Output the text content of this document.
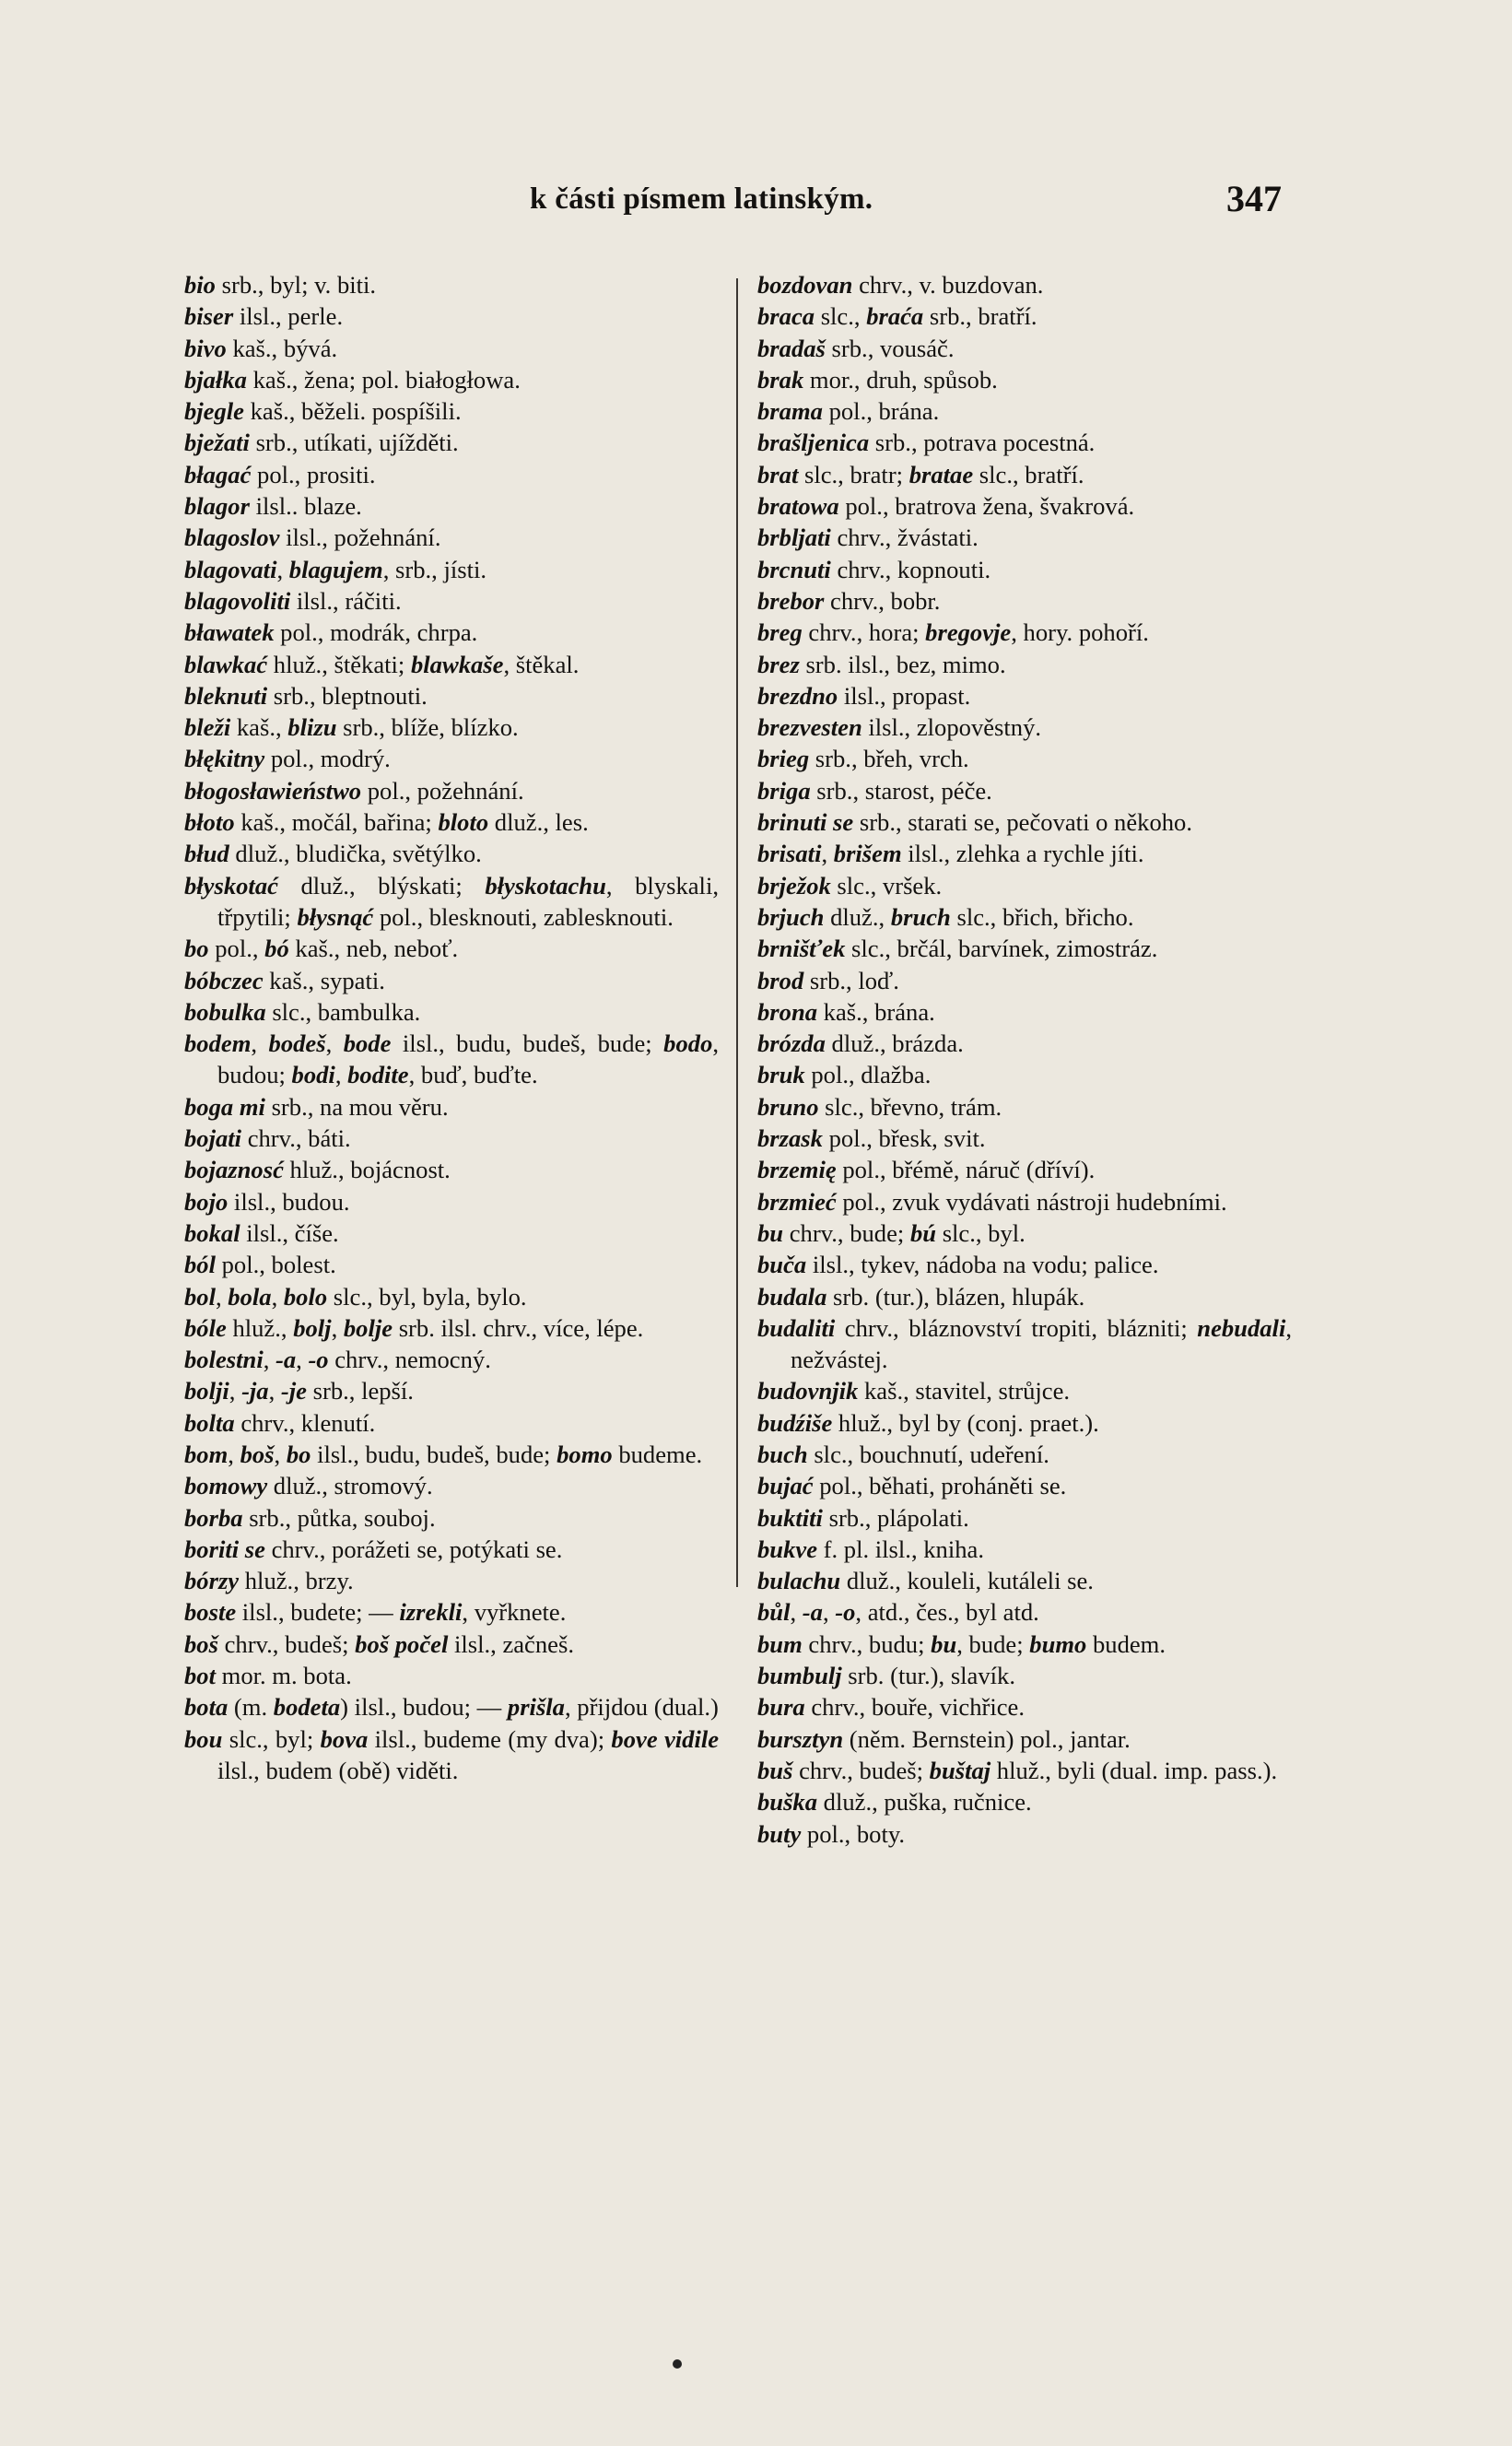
k části písmem latinským.	347
bio srb., byl; v. biti.
biser ilsl., perle.
bivo kaš., bývá.
bjałka kaš., žena; pol. białogłowa.
bjegle kaš., běželi. pospíšili.
bježati srb., utíkati, ujížděti.
błagać pol., prositi.
blagor ilsl.. blaze.
blagoslov ilsl., požehnání.
blagovati, blagujem, srb., jísti.
blagovoliti ilsl., ráčiti.
bławatek pol., modrák, chrpa.
blawkać hluž., štěkati; blawkaše, štěkal.
bleknuti srb., bleptnouti.
bleži kaš., blizu srb., blíže, blízko.
błękitny pol., modrý.
błogosławieństwo pol., požehnání.
błoto kaš., močál, bařina; bloto dluž., les.
błud dluž., bludička, světýlko.
błyskotać dluž., blýskati; błyskotachu, blyskali, třpytili; błysnąć pol., blesknouti, zablesknouti.
bo pol., bó kaš., neb, neboť.
bóbczec kaš., sypati.
bobulka slc., bambulka.
bodem, bodeš, bode ilsl., budu, budeš, bude; bodo, budou; bodi, bodite, buď, buďte.
boga mi srb., na mou věru.
bojati chrv., báti.
bojaznosć hluž., bojácnost.
bojo ilsl., budou.
bokal ilsl., číše.
ból pol., bolest.
bol, bola, bolo slc., byl, byla, bylo.
bóle hluž., bolj, bolje srb. ilsl. chrv., více, lépe.
bolestni, -a, -o chrv., nemocný.
bolji, -ja, -je srb., lepší.
bolta chrv., klenutí.
bom, boš, bo ilsl., budu, budeš, bude; bomo budeme.
bomowy dluž., stromový.
borba srb., půtka, souboj.
boriti se chrv., porážeti se, potýkati se.
bórzy hluž., brzy.
boste ilsl., budete; — izrekli, vyřknete.
boš chrv., budeš; boš počel ilsl., začneš.
bot mor. m. bota.
bota (m. bodeta) ilsl., budou; — prišla, přijdou (dual.)
bou slc., byl; bova ilsl., budeme (my dva); bove vidile ilsl., budem (obě) viděti.
bozdovan chrv., v. buzdovan.
braca slc., braća srb., bratří.
bradaš srb., vousáč.
brak mor., druh, spůsob.
brama pol., brána.
brašljenica srb., potrava pocestná.
brat slc., bratr; bratae slc., bratří.
bratowa pol., bratrova žena, švakrová.
brbljati chrv., žvástati.
brcnuti chrv., kopnouti.
brebor chrv., bobr.
breg chrv., hora; bregovje, hory. pohoří.
brez srb. ilsl., bez, mimo.
brezdno ilsl., propast.
brezvesten ilsl., zlopověstný.
brieg srb., břeh, vrch.
briga srb., starost, péče.
brinuti se srb., starati se, pečovati o někoho.
brisati, brišem ilsl., zlehka a rychle jíti.
brježok slc., vršek.
brjuch dluž., bruch slc., břich, břicho.
brnišťek slc., brčál, barvínek, zimostráz.
brod srb., loď.
brona kaš., brána.
brózda dluž., brázda.
bruk pol., dlažba.
bruno slc., břevno, trám.
brzask pol., břesk, svit.
brzemię pol., břémě, náruč (dříví).
brzmieć pol., zvuk vydávati nástroji hudebními.
bu chrv., bude; bú slc., byl.
buča ilsl., tykev, nádoba na vodu; palice.
budala srb. (tur.), blázen, hlupák.
budaliti chrv., bláznovství tropiti, blázniti; nebudali, nežvástej.
budovnjik kaš., stavitel, strůjce.
budźiše hluž., byl by (conj. praet.).
buch slc., bouchnutí, udeření.
bujać pol., běhati, proháněti se.
buktiti srb., plápolati.
bukve f. pl. ilsl., kniha.
bulachu dluž., kouleli, kutáleli se.
bůl, -a, -o, atd., čes., byl atd.
bum chrv., budu; bu, bude; bumo budem.
bumbulj srb. (tur.), slavík.
bura chrv., bouře, vichřice.
bursztyn (něm. Bernstein) pol., jantar.
buš chrv., budeš; buštaj hluž., byli (dual. imp. pass.).
buška dluž., puška, ručnice.
buty pol., boty.
